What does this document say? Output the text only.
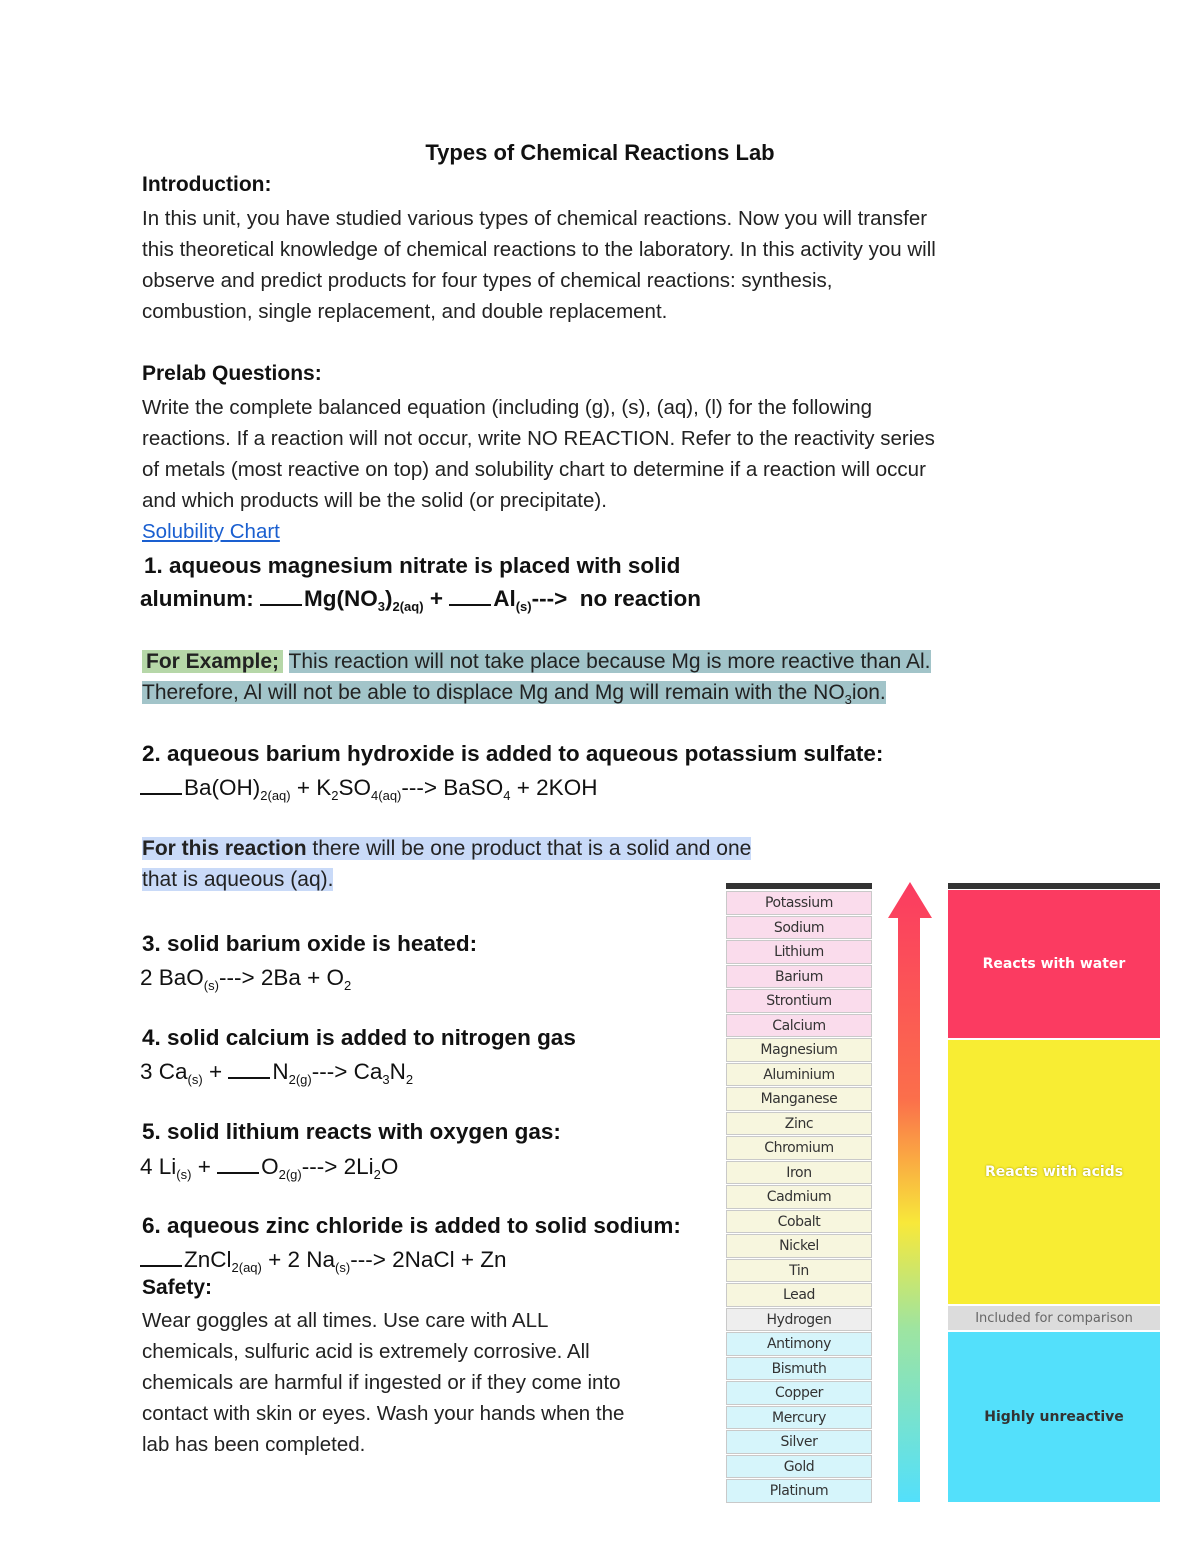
Types of Chemical Reactions Lab
Introduction:
In this unit, you have studied various types of chemical reactions. Now you will transfer
this theoretical knowledge of chemical reactions to the laboratory. In this activity you will
observe and predict products for four types of chemical reactions: synthesis,
combustion, single replacement, and double replacement.
Prelab Questions:
Write the complete balanced equation (including (g), (s), (aq), (l) for the following
reactions. If a reaction will not occur, write NO REACTION. Refer to the reactivity series
of metals (most reactive on top) and solubility chart to determine if a reaction will occur
and which products will be the solid (or precipitate).
Solubility Chart
1. aqueous magnesium nitrate is placed with solid
aluminum: $Mg(NO_3)_{2(aq)} + Al_{(s)}--->$  no reaction
For Example; This reaction will not take place because Mg is more reactive than Al.
Therefore, Al will not be able to displace Mg and Mg will remain with the $NO_3ion$.
2. aqueous barium hydroxide is added to aqueous potassium sulfate:
$Ba(OH)_{2(aq)} + K_2SO_{4(aq)}--->$ BaSO$_4$ + 2KOH
For this reaction there will be one product that is a solid and one
that is aqueous (aq).
3. solid barium oxide is heated:
2 $BaO_{(s)}---> 2Ba + O_2$
4. solid calcium is added to nitrogen gas
3 $Ca_{(s)} + N_{2(g)}---> Ca_3N_2$
5. solid lithium reacts with oxygen gas:
4 $Li_{(s)} + O_{2(g)}---> 2Li_2O$
6. aqueous zinc chloride is added to solid sodium:
ZnCl$_{2(aq)}$ + 2 $Na_{(s)}--->$ 2NaCl + Zn
Safety:
Wear goggles at all times. Use care with ALL
chemicals, sulfuric acid is extremely corrosive. All
chemicals are harmful if ingested or if they come into
contact with skin or eyes. Wash your hands when the
lab has been completed.
Potassium
Sodium
Lithium
Barium
Strontium
Calcium
Magnesium
Aluminium
Manganese
Zinc
Chromium
Iron
Cadmium
Cobalt
Nickel
Tin
Lead
Hydrogen
Antimony
Bismuth
Copper
Mercury
Silver
Gold
Platinum
Reacts with water
Reacts with acids
Included for comparison
Highly unreactive
